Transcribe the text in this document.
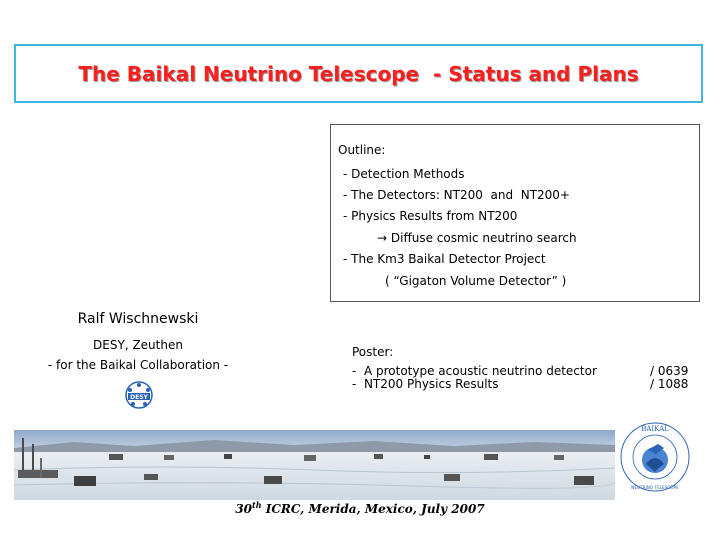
The Baikal Neutrino Telescope  - Status and Plans
Outline:
- Detection Methods
- The Detectors: NT200  and  NT200+
- Physics Results from NT200
→ Diffuse cosmic neutrino search
- The Km3 Baikal Detector Project
( “Gigaton Volume Detector” )
Ralf Wischnewski
DESY, Zeuthen
- for the Baikal Collaboration -
DESY
Poster:
-  A prototype acoustic neutrino detector	/ 0639
-  NT200 Physics Results	/ 1088
BAIKAL
NEUTRINO TELESCOPE
30th ICRC, Merida, Mexico, July 2007
